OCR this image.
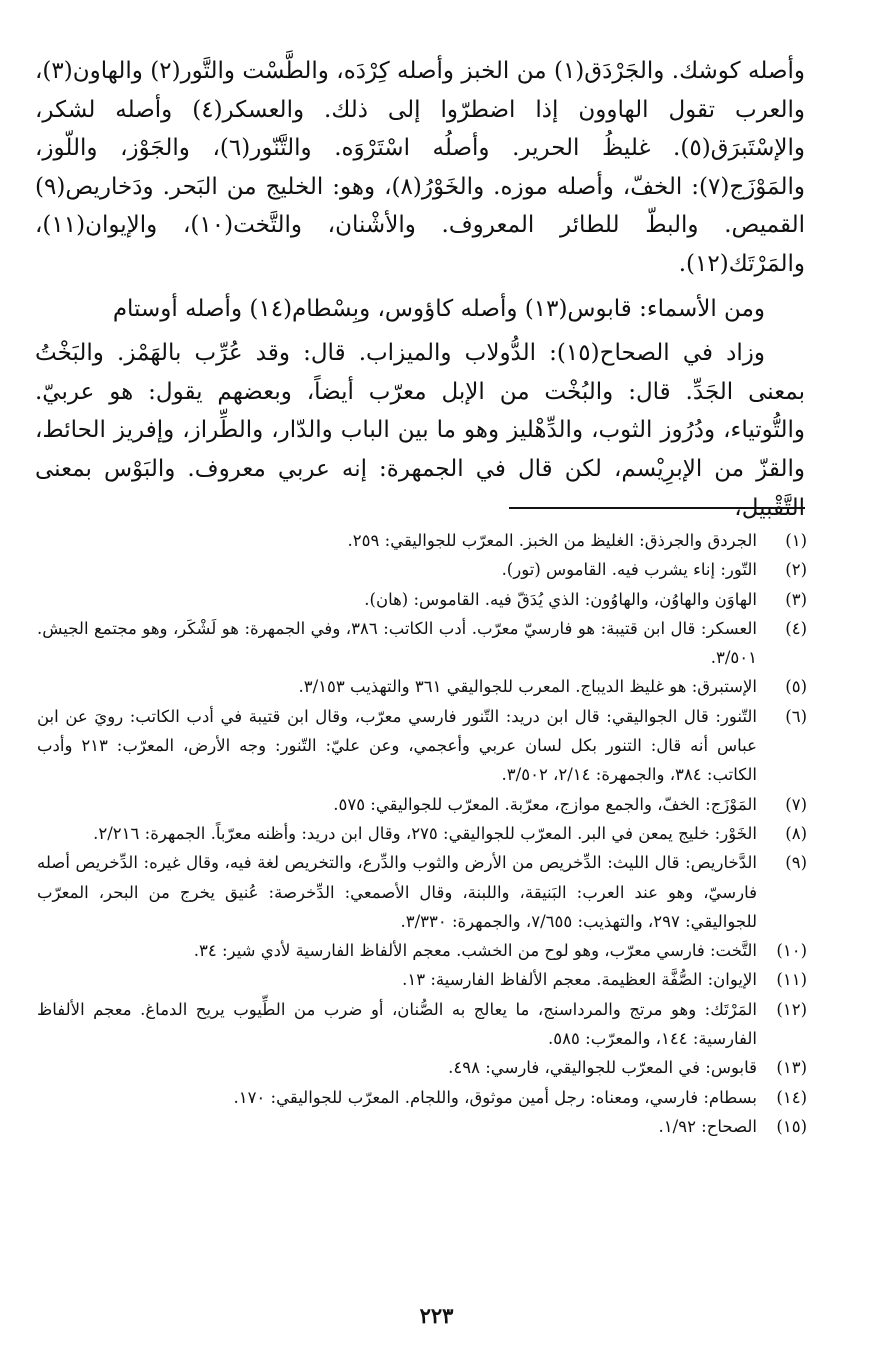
وأصله كوشك. والجَرْدَق(١) من الخبز وأصله كِرْدَه، والطَّسْت والتَّور(٢) والهاون(٣)، والعرب تقول الهاوون إذا اضطرّوا إلى ذلك. والعسكر(٤) وأصله لشكر، والإسْتَبرَق(٥). غليظُ الحرير. وأصلُه اسْتَرْوَه. والتَّنّور(٦)، والجَوْز، واللّوز، والمَوْزَج(٧): الخفّ، وأصله موزه. والخَوْرُ(٨)، وهو: الخليج من البَحر. ودَخاريص(٩) القميص. والبطّ للطائر المعروف. والأشْنان، والتَّخت(١٠)، والإيوان(١١)، والمَرْتَك(١٢).

ومن الأسماء: قابوس(١٣) وأصله كاؤوس، وبِسْطام(١٤) وأصله أوستام

وزاد في الصحاح(١٥): الدُّولاب والميزاب. قال: وقد عُرِّب بالهَمْز. والبَخْتُ بمعنى الجَدِّ. قال: والبُخْت من الإبل معرّب أيضاً، وبعضهم يقول: هو عربيّ. والتُّوتياء، ودُرُوز الثوب، والدِّهْليز وهو ما بين الباب والدّار، والطِّراز، وإفريز الحائط، والقزّ من الإبرِيْسم، لكن قال في الجمهرة: إنه عربي معروف. والبَوْس بمعنى التَّقْبيل،

(١)
الجردق والجرذق: الغليظ من الخبز. المعرّب للجواليقي: ٢٥٩.
(٢)
التّور: إناء يشرب فيه. القاموس (تور).
(٣)
الهاوَن والهاوُن، والهاوُون: الذي يُدَقّ فيه. القاموس: (هان).
(٤)
العسكر: قال ابن قتيبة: هو فارسيّ معرّب. أدب الكاتب: ٣٨٦، وفي الجمهرة: هو لَشْكَر، وهو مجتمع الجيش. ٣/٥٠١.
(٥)
الإستبرق: هو غليظ الديباج. المعرب للجواليقي ٣٦١ والتهذيب ٣/١٥٣.
(٦)
التّنور: قال الجواليقي: قال ابن دريد: التّنور فارسي معرّب، وقال ابن قتيبة في أدب الكاتب: رويَ عن ابن عباس أنه قال: التنور بكل لسان عربي وأعجمي، وعن عليّ: التّنور: وجه الأرض، المعرّب: ٢١٣ وأدب الكاتب: ٣٨٤، والجمهرة: ٢/١٤، ٣/٥٠٢.
(٧)
المَوْزَج: الخفّ، والجمع موازج، معرّبة. المعرّب للجواليقي: ٥٧٥.
(٨)
الخَوْر: خليج يمعن في البر. المعرّب للجواليقي: ٢٧٥، وقال ابن دريد: وأظنه معرّباً. الجمهرة: ٢/٢١٦.
(٩)
الدَّخاريص: قال الليث: الدِّخريص من الأرض والثوب والدِّرع، والتخريص لغة فيه، وقال غيره: الدِّخريص أصله فارسيّ، وهو عند العرب: البَنيقة، واللبنة، وقال الأصمعي: الدِّخرصة: عُنيق يخرج من البحر، المعرّب للجواليقي: ٢٩٧، والتهذيب: ٧/٦٥٥، والجمهرة: ٣/٣٣٠.
(١٠)
التَّخت: فارسي معرّب، وهو لوح من الخشب. معجم الألفاظ الفارسية لأدي شير: ٣٤.
(١١)
الإيوان: الصُّفَّة العظيمة. معجم الألفاظ الفارسية: ١٣.
(١٢)
المَرْتَك: وهو مرتج والمرداسنج، ما يعالج به الصُّنان، أو ضرب من الطِّيوب يريح الدماغ. معجم الألفاظ الفارسية: ١٤٤، والمعرّب: ٥٨٥.
(١٣)
قابوس: في المعرّب للجواليقي، فارسي: ٤٩٨.
(١٤)
بسطام: فارسي، ومعناه: رجل أمين موثوق، واللجام. المعرّب للجواليقي: ١٧٠.
(١٥)
الصحاح: ١/٩٢.
٢٢٣
